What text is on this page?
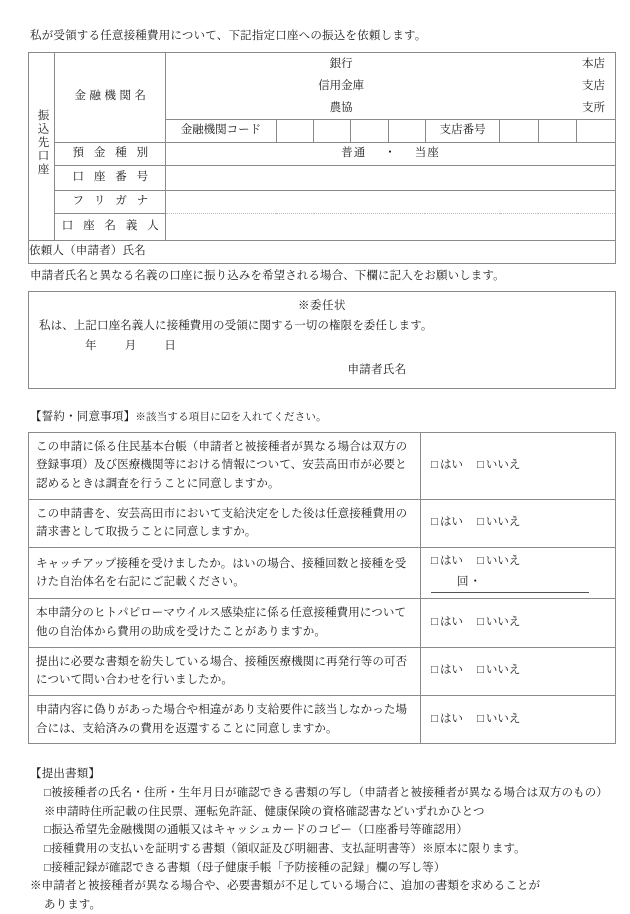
私が受領する任意接種費用について、下記指定口座への振込を依頼します。

振込先口座	金融機関名	
銀行	本店
信用金庫	支店
農協	支所

		金融機関コード					支店番号			
	預 金 種 別	普通 ・ 当座								
	口 座 番 号									
	フ リ ガ ナ									
	口 座 名 義 人									
依頼人（申請者）氏名										

申請者氏名と異なる名義の口座に振り込みを希望される場合、下欄に記入をお願いします。

※委任状
私は、上記口座名義人に接種費用の受領に関する一切の権限を委任します。
年 月 日
申請者氏名
【誓約・同意事項】※該当する項目に☑を入れてください。
この申請に係る住民基本台帳（申請者と被接種者が異なる場合は双方の登録事項）及び医療機関等における情報について、安芸高田市が必要と認めるときは調査を行うことに同意しますか。	□ はい □ いいえ
この申請書を、安芸高田市において支給決定をした後は任意接種費用の請求書として取扱うことに同意しますか。	□ はい □ いいえ
キャッチアップ接種を受けましたか。はいの場合、接種回数と接種を受けた自治体名を右記にご記載ください。	□ はい □ いいえ
回・

本申請分のヒトパピローマウイルス感染症に係る任意接種費用について他の自治体から費用の助成を受けたことがありますか。	□ はい □ いいえ
提出に必要な書類を紛失している場合、接種医療機関に再発行等の可否について問い合わせを行いましたか。	□ はい □ いいえ
申請内容に偽りがあった場合や相違があり支給要件に該当しなかった場合には、支給済みの費用を返還することに同意しますか。	□ はい □ いいえ
【提出書類】
□被接種者の氏名・住所・生年月日が確認できる書類の写し（申請者と被接種者が異なる場合は双方のもの）※申請時住所記載の住民票、運転免許証、健康保険の資格確認書などいずれかひとつ
□振込希望先金融機関の通帳又はキャッシュカードのコピー（口座番号等確認用）
□接種費用の支払いを証明する書類（領収証及び明細書、支払証明書等）※原本に限ります。
□接種記録が確認できる書類（母子健康手帳「予防接種の記録」欄の写し等）
※申請者と被接種者が異なる場合や、必要書類が不足している場合に、追加の書類を求めることが
あります。
